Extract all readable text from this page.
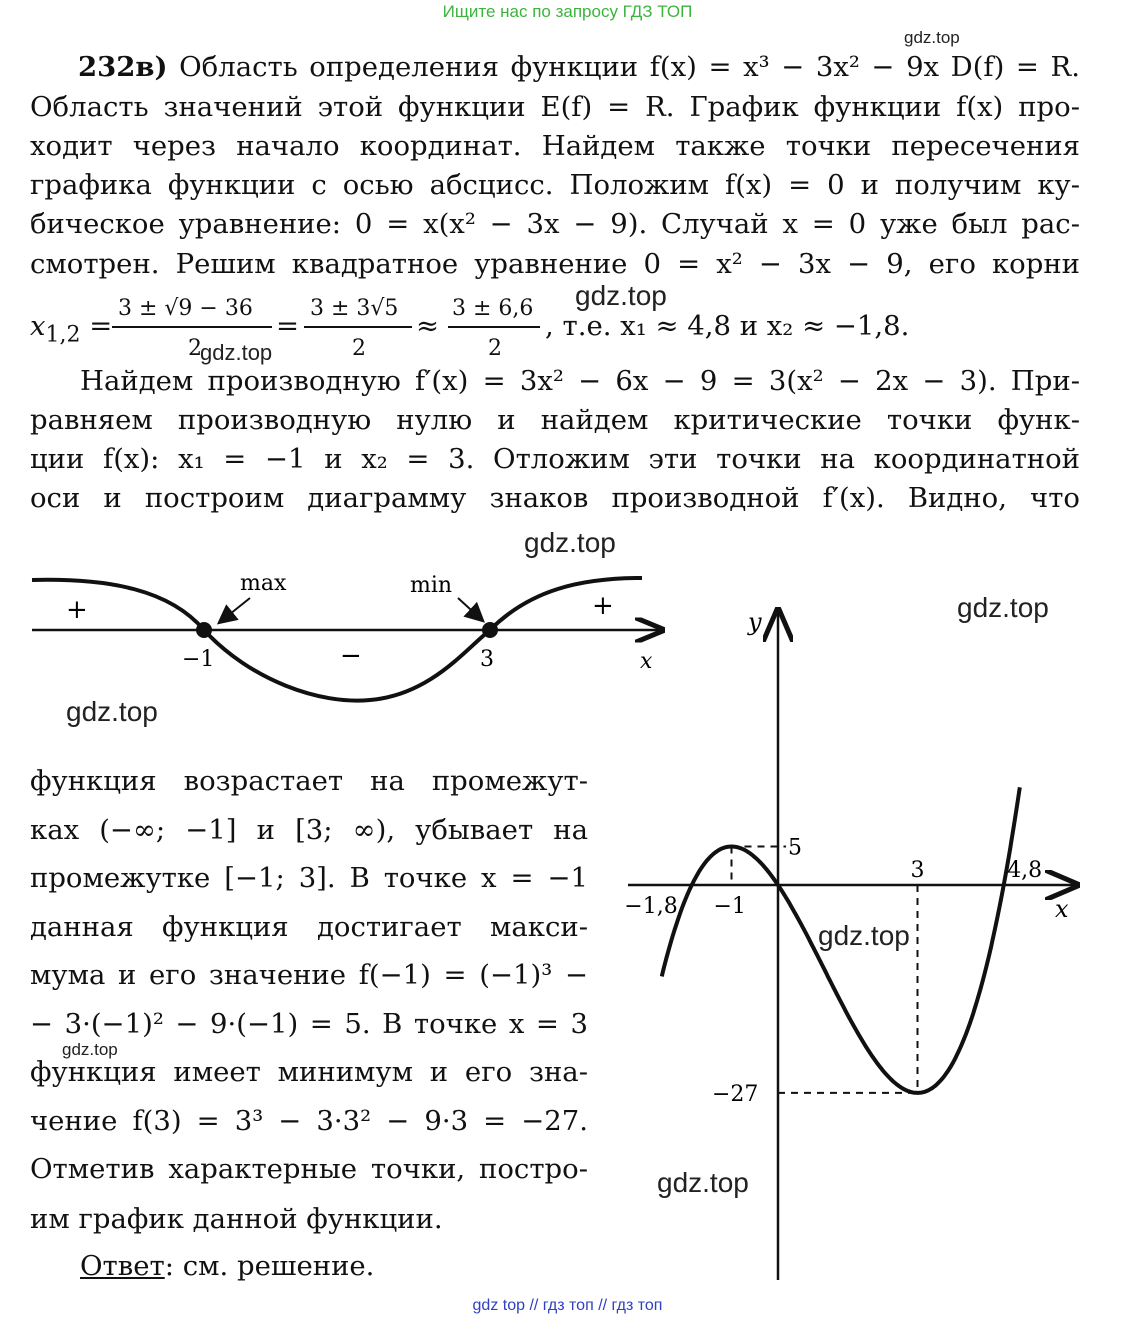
Ищите нас по запросу ГДЗ ТОП
gdz top // гдз топ // гдз топ
gdz.top
gdz.top
gdz.top
gdz.top
gdz.top
gdz.top
gdz.top
gdz.top
gdz.top
232в) Область определения функции f(x) = x³ − 3x² − 9x D(f) = R.
Область значений этой функции E(f) = R. График функции f(x) про-
ходит через начало координат. Найдем также точки пересечения
графика функции с осью абсцисс. Положим f(x) = 0 и получим ку-
бическое уравнение: 0 = x(x² − 3x − 9). Случай x = 0 уже был рас-
смотрен. Решим квадратное уравнение 0 = x² − 3x − 9, его корни
$x_{1,2}$ =
3 ± √9 − 36
2
=
3 ± 3√5
2
≈
3 ± 6,6
2
, т.е. x₁ ≈ 4,8 и x₂ ≈ −1,8.
Найдем производную f′(x) = 3x² − 6x − 9 = 3(x² − 2x − 3). При-
равняем производную нулю и найдем критические точки функ-
ции f(x): x₁ = −1 и x₂ = 3. Отложим эти точки на координатной
оси и построим диаграмму знаков производной f′(x). Видно, что
max	min
+
−
+
−1	3	x
функция возрастает на промежут-
ках (−∞; −1] и [3; ∞), убывает на
промежутке [−1; 3]. В точке x = −1
данная функция достигает макси-
мума и его значение f(−1) = (−1)³ −
− 3·(−1)² − 9·(−1) = 5. В точке x = 3
функция имеет минимум и его зна-
чение f(3) = 3³ − 3·3² − 9·3 = −27.
Отметив характерные точки, постро-
им график данной функции.
Ответ: см. решение.
−1,8 −1
3	4,8
5
−27
x
y
